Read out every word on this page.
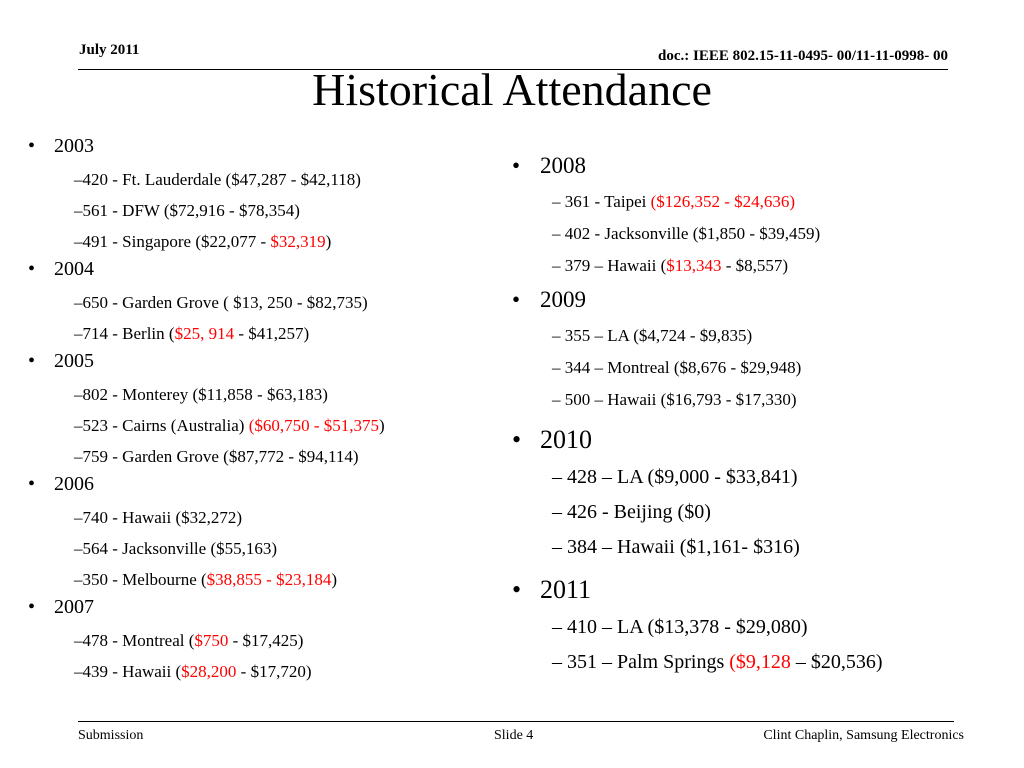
July 2011	doc.: IEEE 802.15-11-0495- 00/11-11-0998- 00
Historical Attendance
• 2003
–420 - Ft. Lauderdale ($47,287 - $42,118)
–561 - DFW ($72,916 - $78,354)
–491 - Singapore ($22,077 - $32,319)
• 2004
–650 - Garden Grove ( $13, 250 - $82,735)
–714 - Berlin ($25, 914 - $41,257)
• 2005
–802 - Monterey ($11,858 - $63,183)
–523 - Cairns (Australia) ($60,750 - $51,375)
–759 - Garden Grove ($87,772 - $94,114)
• 2006
–740 - Hawaii ($32,272)
–564 - Jacksonville ($55,163)
–350 - Melbourne ($38,855 - $23,184)
• 2007
–478 - Montreal ($750 - $17,425)
–439 - Hawaii ($28,200 - $17,720)
• 2008
– 361 - Taipei ($126,352 - $24,636)
– 402 - Jacksonville ($1,850 - $39,459)
– 379 – Hawaii ($13,343 - $8,557)
• 2009
– 355 – LA ($4,724 - $9,835)
– 344 – Montreal ($8,676 - $29,948)
– 500 – Hawaii ($16,793 - $17,330)
• 2010
– 428 – LA ($9,000 - $33,841)
– 426 - Beijing ($0)
– 384 – Hawaii ($1,161- $316)
• 2011
– 410 – LA ($13,378 - $29,080)
– 351 – Palm Springs ($9,128 – $20,536)
Submission	Slide 4	Clint Chaplin, Samsung Electronics
